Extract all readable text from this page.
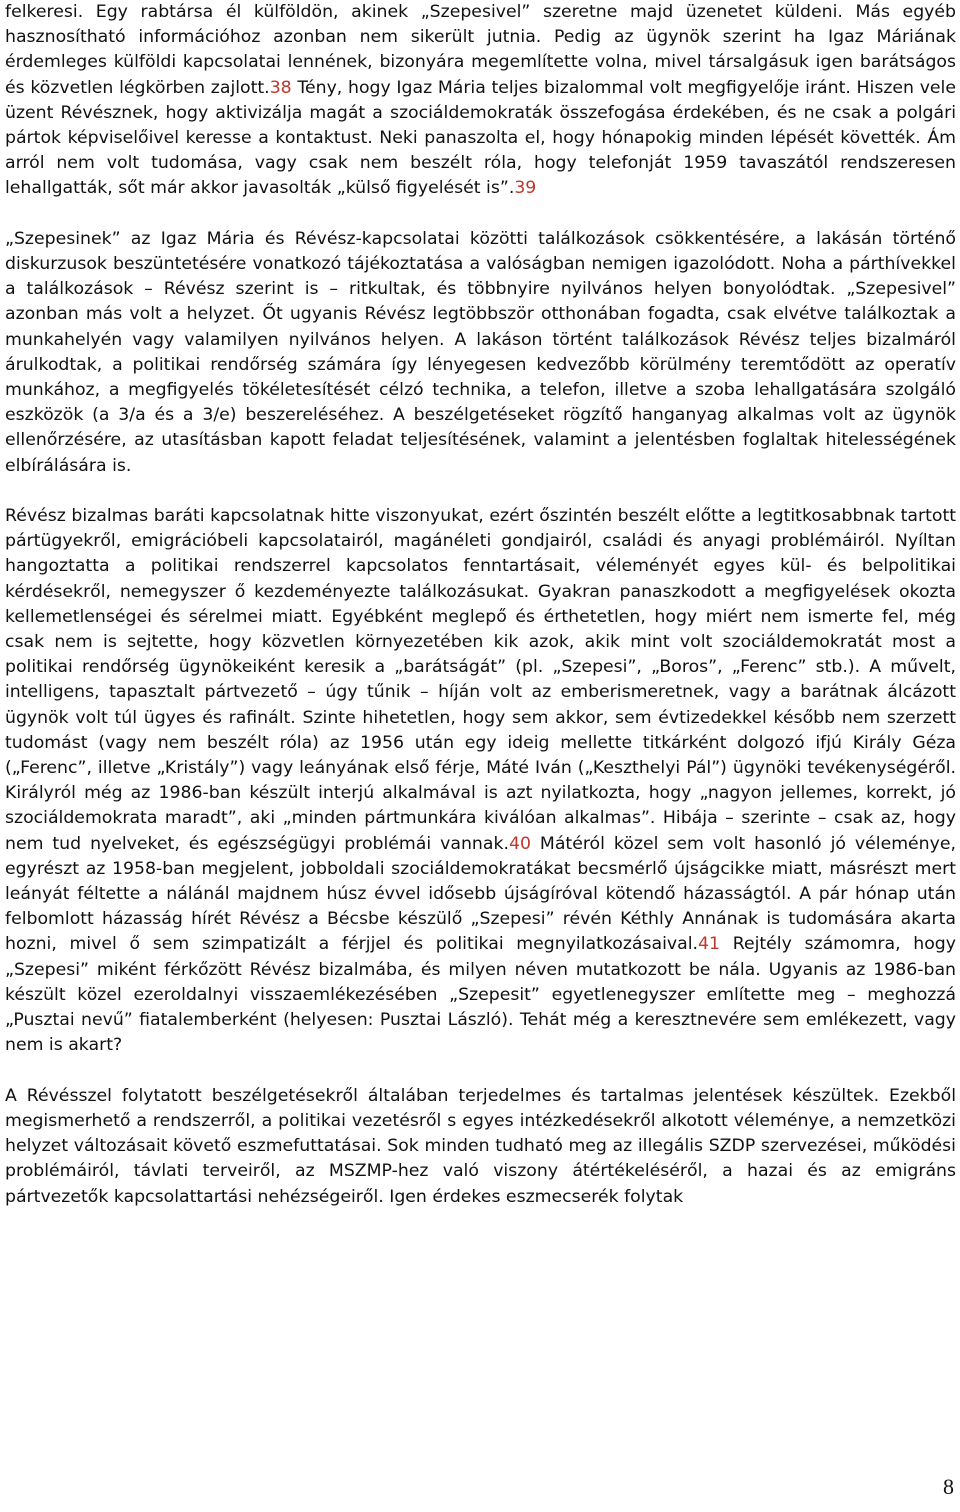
felkeresi. Egy rabtársa él külföldön, akinek „Szepesivel” szeretne majd üzenetet küldeni. Más egyéb hasznosítható információhoz azonban nem sikerült jutnia. Pedig az ügynök szerint ha Igaz Máriának érdemleges külföldi kapcsolatai lennének, bizonyára megemlítette volna, mivel társalgásuk igen barátságos és közvetlen légkörben zajlott.38 Tény, hogy Igaz Mária teljes bizalommal volt megfigyelője iránt. Hiszen vele üzent Révésznek, hogy aktivizálja magát a szociáldemokraták összefogása érdekében, és ne csak a polgári pártok képviselőivel keresse a kontaktust. Neki panaszolta el, hogy hónapokig minden lépését követték. Ám arról nem volt tudomása, vagy csak nem beszélt róla, hogy telefonját 1959 tavaszától rendszeresen lehallgatták, sőt már akkor javasolták „külső figyelését is”.39

„Szepesinek” az Igaz Mária és Révész-kapcsolatai közötti találkozások csökkentésére, a lakásán történő diskurzusok beszüntetésére vonatkozó tájékoztatása a valóságban nemigen igazolódott. Noha a párthívekkel a találkozások – Révész szerint is – ritkultak, és többnyire nyilvános helyen bonyolódtak. „Szepesivel” azonban más volt a helyzet. Őt ugyanis Révész legtöbbször otthonában fogadta, csak elvétve találkoztak a munkahelyén vagy valamilyen nyilvános helyen. A lakáson történt találkozások Révész teljes bizalmáról árulkodtak, a politikai rendőrség számára így lényegesen kedvezőbb körülmény teremtődött az operatív munkához, a megfigyelés tökéletesítését célzó technika, a telefon, illetve a szoba lehallgatására szolgáló eszközök (a 3/a és a 3/e) beszereléséhez. A beszélgetéseket rögzítő hanganyag alkalmas volt az ügynök ellenőrzésére, az utasításban kapott feladat teljesítésének, valamint a jelentésben foglaltak hitelességének elbírálására is.

Révész bizalmas baráti kapcsolatnak hitte viszonyukat, ezért őszintén beszélt előtte a legtitkosabbnak tartott pártügyekről, emigrációbeli kapcsolatairól, magánéleti gondjairól, családi és anyagi problémáiról. Nyíltan hangoztatta a politikai rendszerrel kapcsolatos fenntartásait, véleményét egyes kül- és belpolitikai kérdésekről, nemegyszer ő kezdeményezte találkozásukat. Gyakran panaszkodott a megfigyelések okozta kellemetlenségei és sérelmei miatt. Egyébként meglepő és érthetetlen, hogy miért nem ismerte fel, még csak nem is sejtette, hogy közvetlen környezetében kik azok, akik mint volt szociáldemokratát most a politikai rendőrség ügynökeiként keresik a „barátságát” (pl. „Szepesi”, „Boros”, „Ferenc” stb.). A művelt, intelligens, tapasztalt pártvezető – úgy tűnik – híján volt az emberismeretnek, vagy a barátnak álcázott ügynök volt túl ügyes és rafinált. Szinte hihetetlen, hogy sem akkor, sem évtizedekkel később nem szerzett tudomást (vagy nem beszélt róla) az 1956 után egy ideig mellette titkárként dolgozó ifjú Király Géza („Ferenc”, illetve „Kristály”) vagy leányának első férje, Máté Iván („Keszthelyi Pál”) ügynöki tevékenységéről. Királyról még az 1986-ban készült interjú alkalmával is azt nyilatkozta, hogy „nagyon jellemes, korrekt, jó szociáldemokrata maradt”, aki „minden pártmunkára kiválóan alkalmas”. Hibája – szerinte – csak az, hogy nem tud nyelveket, és egészségügyi problémái vannak.40 Mátéról közel sem volt hasonló jó véleménye, egyrészt az 1958-ban megjelent, jobboldali szociáldemokratákat becsmérlő újságcikke miatt, másrészt mert leányát féltette a nálánál majdnem húsz évvel idősebb újságíróval kötendő házasságtól. A pár hónap után felbomlott házasság hírét Révész a Bécsbe készülő „Szepesi” révén Kéthly Annának is tudomására akarta hozni, mivel ő sem szimpatizált a férjjel és politikai megnyilatkozásaival.41 Rejtély számomra, hogy „Szepesi” miként férkőzött Révész bizalmába, és milyen néven mutatkozott be nála. Ugyanis az 1986-ban készült közel ezeroldalnyi visszaemlékezésében „Szepesit” egyetlenegyszer említette meg – meghozzá „Pusztai nevű” fiatalemberként (helyesen: Pusztai László). Tehát még a keresztnevére sem emlékezett, vagy nem is akart?

A Révésszel folytatott beszélgetésekről általában terjedelmes és tartalmas jelentések készültek. Ezekből megismerhető a rendszerről, a politikai vezetésről s egyes intézkedésekről alkotott véleménye, a nemzetközi helyzet változásait követő eszmefuttatásai. Sok minden tudható meg az illegális SZDP szervezései, működési problémáiról, távlati terveiről, az MSZMP-hez való viszony átértékeléséről, a hazai és az emigráns pártvezetők kapcsolattartási nehézségeiről. Igen érdekes eszmecserék folytak

8
